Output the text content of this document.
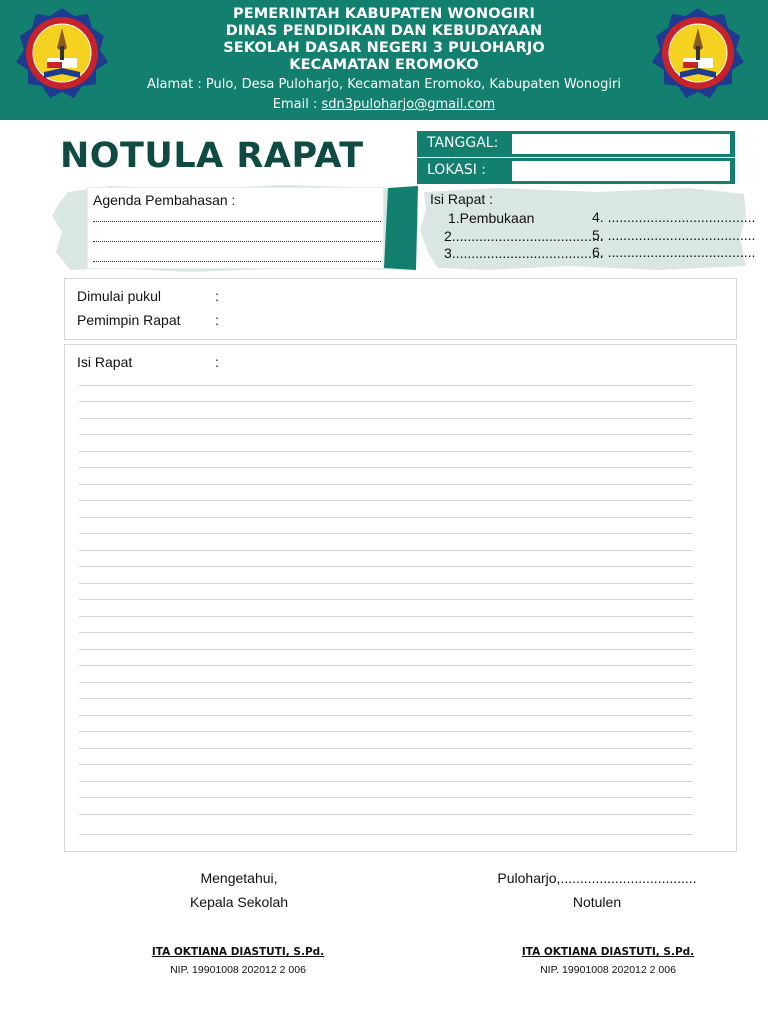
PEMERINTAH KABUPATEN WONOGIRI
DINAS PENDIDIKAN DAN KEBUDAYAAN
SEKOLAH DASAR NEGERI 3 PULOHARJO
KECAMATAN EROMOKO
Alamat : Pulo, Desa Puloharjo, Kecamatan Eromoko, Kabupaten Wonogiri
Email : sdn3puloharjo@gmail.com
NOTULA RAPAT	TANGGAL:
LOKASI :
Agenda Pembahasan :	Isi Rapat :
1.Pembukaan
2.......................................
3.......................................
4. ......................................
5. ......................................
6. ......................................
Dimulai pukul	:
Pemimpin Rapat :
Isi Rapat	:
Mengetahui,
Kepala Sekolah
ITA OKTIANA DIASTUTI, S.Pd.
NIP. 19901008 202012 2 006
Puloharjo,...................................
Notulen
ITA OKTIANA DIASTUTI, S.Pd.
NIP. 19901008 202012 2 006
